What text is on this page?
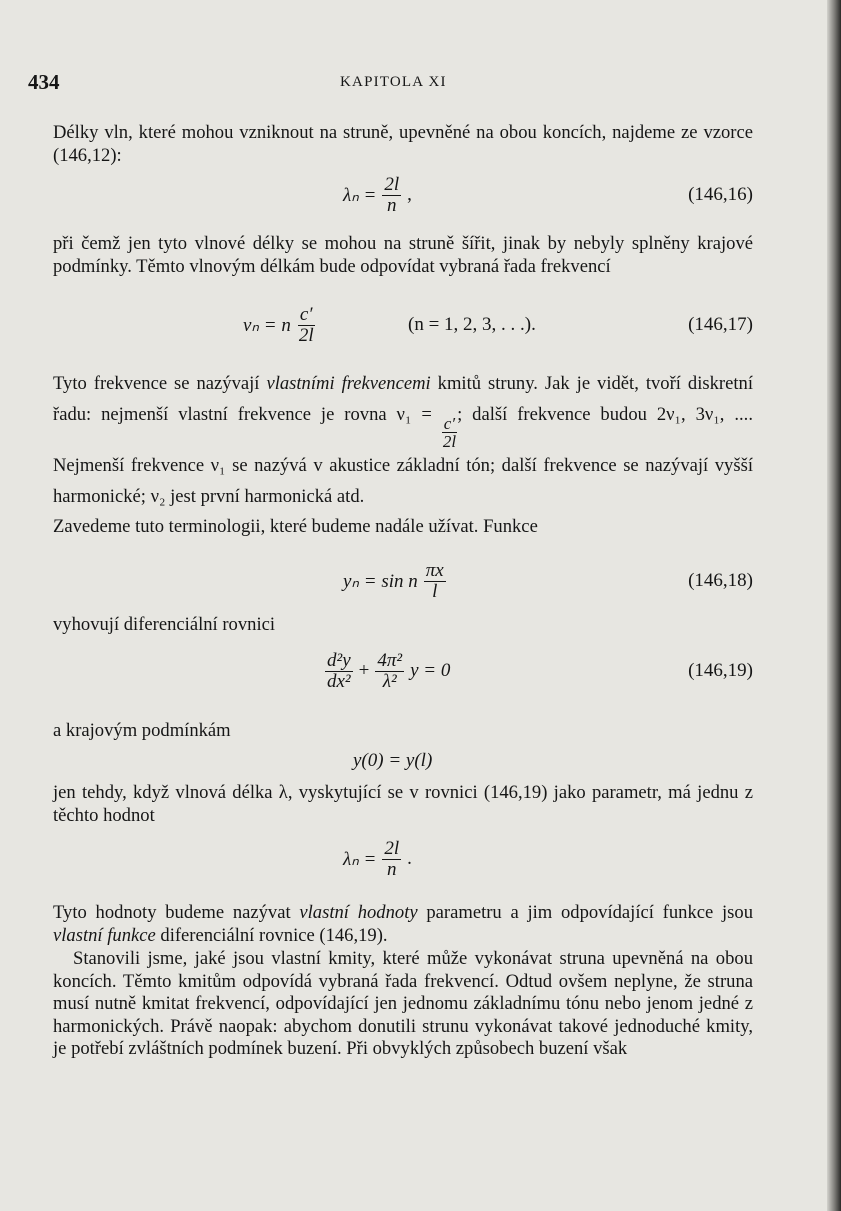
434	KAPITOLA XI

Délky vln, které mohou vzniknout na struně, upevněné na obou koncích, najdeme ze vzorce (146,12):

$\lambda_n = \frac{2l}{n}$ ,	(146,16)

při čemž jen tyto vlnové délky se mohou na struně šířit, jinak by nebyly splněny krajové podmínky. Těmto vlnovým délkám bude odpovídat vybraná řada frekvencí

νₙ = n $\frac{c'}{2l}$	(n = 1, 2, 3, . . .).	(146,17)

Tyto frekvence se nazývají vlastními frekvencemi kmitů struny. Jak je vidět, tvoří diskretní řadu: nejmenší vlastní frekvence je rovna ν₁ =
$\frac{c'}{2l}$
; další frekvence budou 2ν₁, 3ν₁, .... Nejmenší frekvence ν₁ se nazývá v akustice základní tón; další frekvence se nazývají vyšší harmonické; ν₂ jest první harmonická atd.

Zavedeme tuto terminologii, které budeme nadále užívat. Funkce

yₙ = sin n $\frac{\pi x}{l}$	(146,18)

vyhovují diferenciální rovnici

$\frac{\text{d²y}}{\text{dx²}} + \frac{\text{4π²}}{\text{λ²}}$ y = 0	(146,19)

a krajovým podmínkám

y(0) = y(l)

jen tehdy, když vlnová délka λ, vyskytující se v rovnici (146,19) jako parametr, má jednu z těchto hodnot

$\lambda_n = \frac{2l}{n}$ .

Tyto hodnoty budeme nazývat vlastní hodnoty parametru a jim odpovídající funkce jsou vlastní funkce diferenciální rovnice (146,19).

Stanovili jsme, jaké jsou vlastní kmity, které může vykonávat struna upevněná na obou koncích. Těmto kmitům odpovídá vybraná řada frekvencí. Odtud ovšem neplyne, že struna musí nutně kmitat frekvencí, odpovídající jen jednomu základnímu tónu nebo jenom jedné z harmonických. Právě naopak: abychom donutili strunu vykonávat takové jednoduché kmity, je potřebí zvláštních podmínek buzení. Při obvyklých způsobech buzení však
